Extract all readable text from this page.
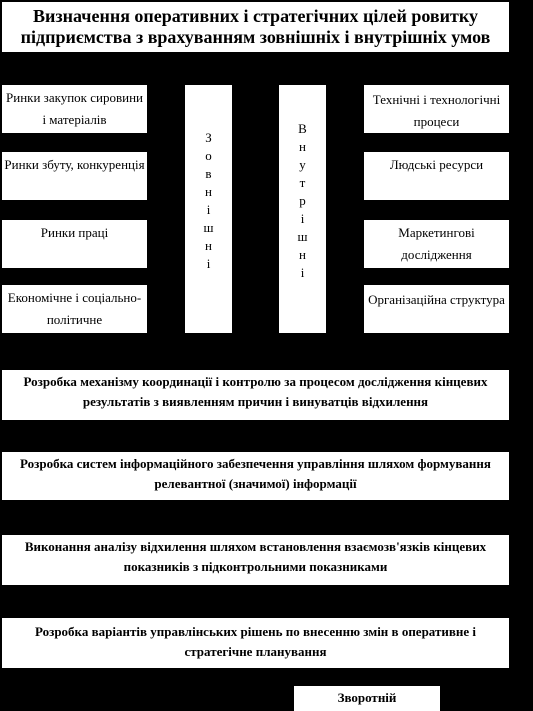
Визначення оперативних і стратегічних цілей ровитку підприємства з врахуванням зовнішніх і внутрішніх умов
Ринки закупок сировини і матеріалів
Ринки збуту, конкуренція
Ринки праці
Економічне і соціально-політичне
З
о
в
н
і
ш
н
і
В
н
у
т
р
і
ш
н
і
Технічні і технологічні процеси
Людські ресурси
Маркетингові дослідження
Організаційна структура
Розробка механізму координації і контролю за процесом дослідження кінцевих результатів з виявленням причин і винуватців відхилення
Розробка систем інформаційного забезпечення управління шляхом формування релевантної (значимої) інформації
Виконання аналізу відхилення шляхом встановлення взаємозв'язків кінцевих показників з підконтрольними показниками
Розробка варіантів управлінських рішень по внесенню змін в оперативне і стратегічне планування
Зворотній
